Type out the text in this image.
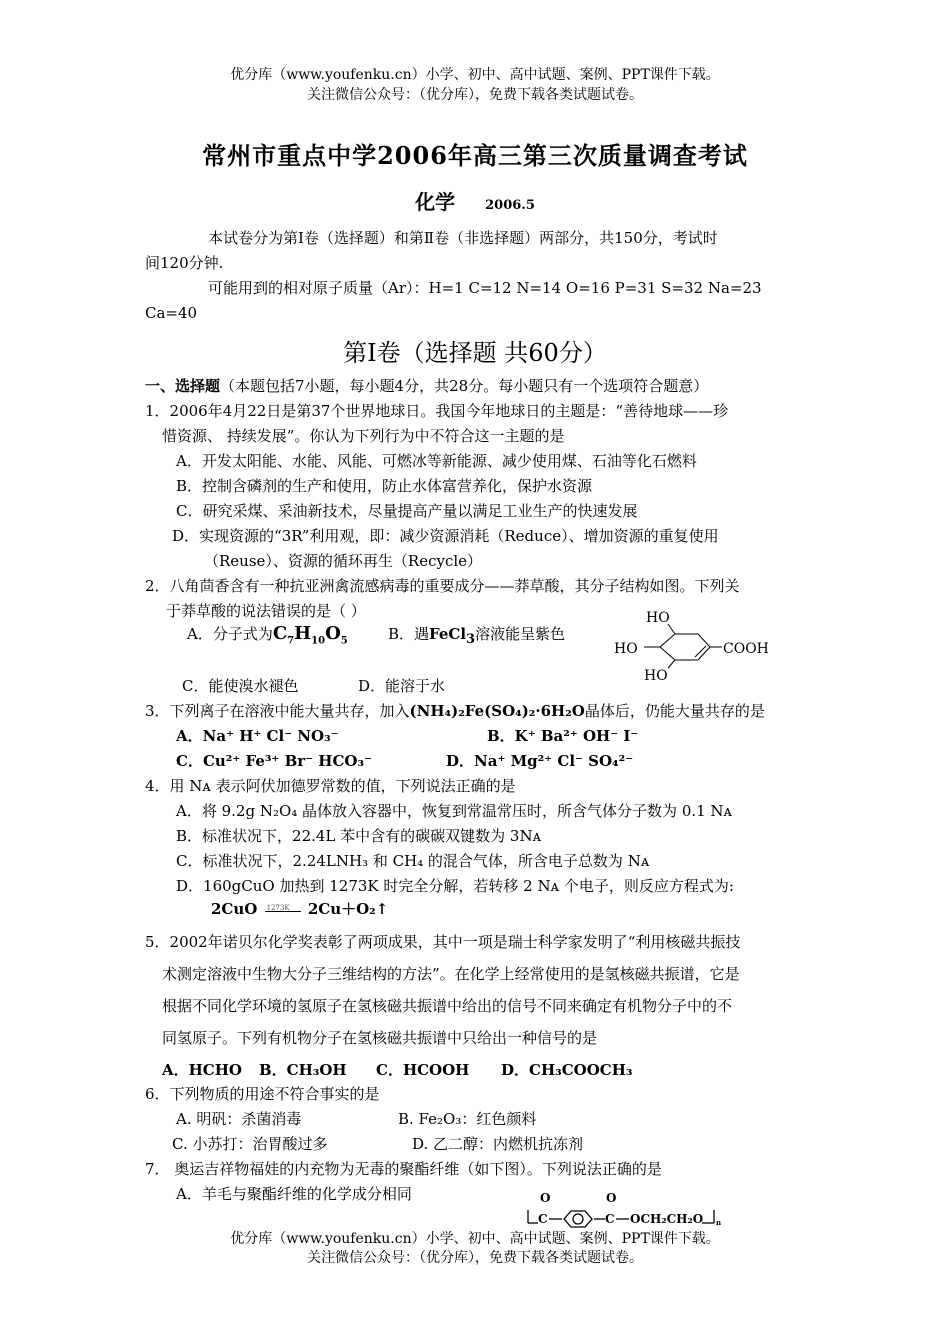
优分库（www.youfenku.cn）小学、初中、高中试题、案例、PPT课件下载。
关注微信公众号：（优分库），免费下载各类试题试卷。
常州市重点中学2006年高三第三次质量调查考试
化学 2006.5
本试卷分为第Ⅰ卷（选择题）和第Ⅱ卷（非选择题）两部分，共150分，考试时
间120分钟.
可能用到的相对原子质量（Ar）：H=1 C=12 N=14 O=16 P=31 S=32 Na=23
Ca=40
第Ⅰ卷（选择题 共60分）
一、选择题（本题包括7小题，每小题4分，共28分。每小题只有一个选项符合题意）
1．2006年4月22日是第37个世界地球日。我国今年地球日的主题是：“善待地球——珍
惜资源、 持续发展”。你认为下列行为中不符合这一主题的是
A．开发太阳能、水能、风能、可燃冰等新能源、减少使用煤、石油等化石燃料
B．控制含磷剂的生产和使用，防止水体富营养化，保护水资源
C．研究采煤、采油新技术，尽量提高产量以满足工业生产的快速发展
D．实现资源的“3R”利用观，即：减少资源消耗（Reduce）、增加资源的重复使用
（Reuse）、资源的循环再生（Recycle）
2．八角茴香含有一种抗亚洲禽流感病毒的重要成分——莽草酸，其分子结构如图。下列关
于莽草酸的说法错误的是（ ）
A．分子式为$C_7H_{10}O_5$	B．遇FeCl$_3$溶液能呈紫色
HO
HO
HO
COOH
C．能使溴水褪色	D．能溶于水
3．下列离子在溶液中能大量共存，加入(NH₄)₂Fe(SO₄)₂·6H₂O晶体后，仍能大量共存的是
A．Na⁺ H⁺ Cl⁻ NO₃⁻	B．K⁺ Ba²⁺ OH⁻ I⁻
C．Cu²⁺ Fe³⁺ Br⁻ HCO₃⁻	D．Na⁺ Mg²⁺ Cl⁻ SO₄²⁻
4．用 Nᴀ 表示阿伏加德罗常数的值，下列说法正确的是
A．将 9.2g N₂O₄ 晶体放入容器中，恢复到常温常压时，所含气体分子数为 0.1 Nᴀ
B．标准状况下，22.4L 苯中含有的碳碳双键数为 3Nᴀ
C．标准状况下，2.24LNH₃ 和 CH₄ 的混合气体，所含电子总数为 Nᴀ
D．160gCuO 加热到 1273K 时完全分解，若转移 2 Nᴀ 个电子，则反应方程式为:
2CuO 1273K 2Cu＋O₂↑
5．2002年诺贝尔化学奖表彰了两项成果，其中一项是瑞士科学家发明了“利用核磁共振技
术测定溶液中生物大分子三维结构的方法”。在化学上经常使用的是氢核磁共振谱，它是
根据不同化学环境的氢原子在氢核磁共振谱中给出的信号不同来确定有机物分子中的不
同氢原子。下列有机物分子在氢核磁共振谱中只给出一种信号的是
A．HCHO B．CH₃OH C．HCOOH D．CH₃COOCH₃
6．下列物质的用途不符合事实的是
A. 明矾：杀菌消毒	B. Fe₂O₃：红色颜料
C. 小苏打：治胃酸过多	D. 乙二醇：内燃机抗冻剂
7． 奥运吉祥物福娃的内充物为无毒的聚酯纤维（如下图）。下列说法正确的是
A．羊毛与聚酯纤维的化学成分相同	O	O
C	C OCH₂CH₂O n
优分库（www.youfenku.cn）小学、初中、高中试题、案例、PPT课件下载。
关注微信公众号：（优分库），免费下载各类试题试卷。
